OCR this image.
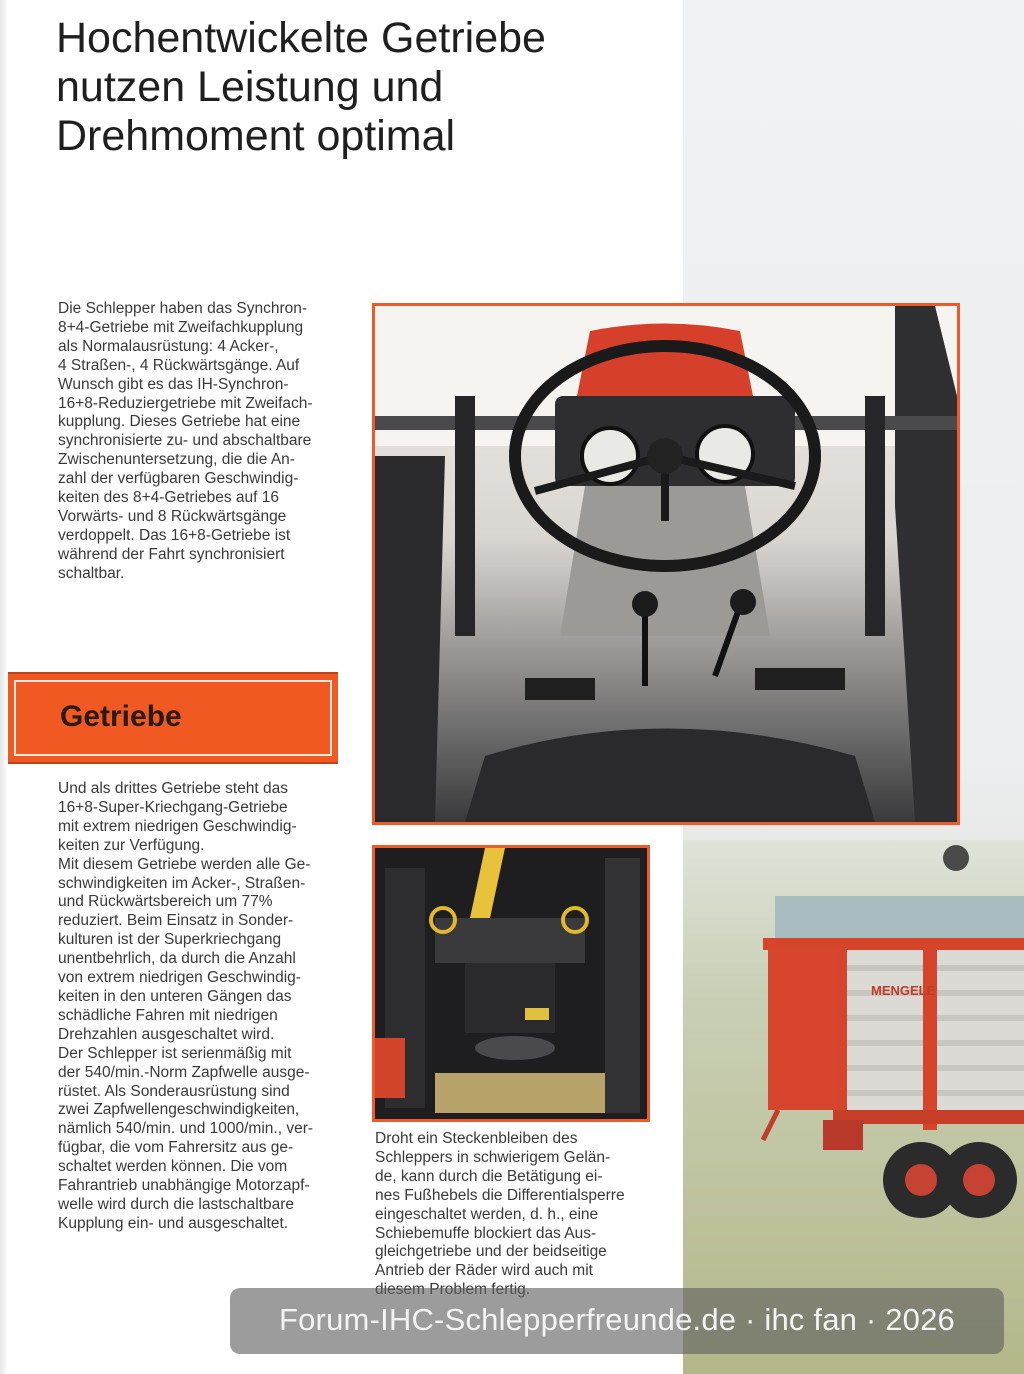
Hochentwickelte Getriebe
nutzen Leistung und
Drehmoment optimal

Die Schlepper haben das Synchron-
8+4-Getriebe mit Zweifachkupplung
als Normalausrüstung: 4 Acker-,
4 Straßen-, 4 Rückwärtsgänge. Auf
Wunsch gibt es das IH-Synchron-
16+8-Reduziergetriebe mit Zweifach-
kupplung. Dieses Getriebe hat eine
synchronisierte zu- und abschaltbare
Zwischenuntersetzung, die die An-
zahl der verfügbaren Geschwindig-
keiten des 8+4-Getriebes auf 16
Vorwärts- und 8 Rückwärtsgänge
verdoppelt. Das 16+8-Getriebe ist
während der Fahrt synchronisiert
schaltbar.

Getriebe

Und als drittes Getriebe steht das
16+8-Super-Kriechgang-Getriebe
mit extrem niedrigen Geschwindig-
keiten zur Verfügung.
Mit diesem Getriebe werden alle Ge-
schwindigkeiten im Acker-, Straßen-
und Rückwärtsbereich um 77%
reduziert. Beim Einsatz in Sonder-
kulturen ist der Superkriechgang
unentbehrlich, da durch die Anzahl
von extrem niedrigen Geschwindig-
keiten in den unteren Gängen das
schädliche Fahren mit niedrigen
Drehzahlen ausgeschaltet wird.
Der Schlepper ist serienmäßig mit
der 540/min.-Norm Zapfwelle ausge-
rüstet. Als Sonderausrüstung sind
zwei Zapfwellengeschwindigkeiten,
nämlich 540/min. und 1000/min., ver-
fügbar, die vom Fahrersitz aus ge-
schaltet werden können. Die vom
Fahrantrieb unabhängige Motorzapf-
welle wird durch die lastschaltbare
Kupplung ein- und ausgeschaltet.

Droht ein Steckenbleiben des
Schleppers in schwierigem Gelän-
de, kann durch die Betätigung ei-
nes Fußhebels die Differentialsperre
eingeschaltet werden, d. h., eine
Schiebemuffe blockiert das Aus-
gleichgetriebe und der beidseitige
Antrieb der Räder wird auch mit

MENGELE
Forum-IHC-Schlepperfreunde.de · ihc fan · 2026
